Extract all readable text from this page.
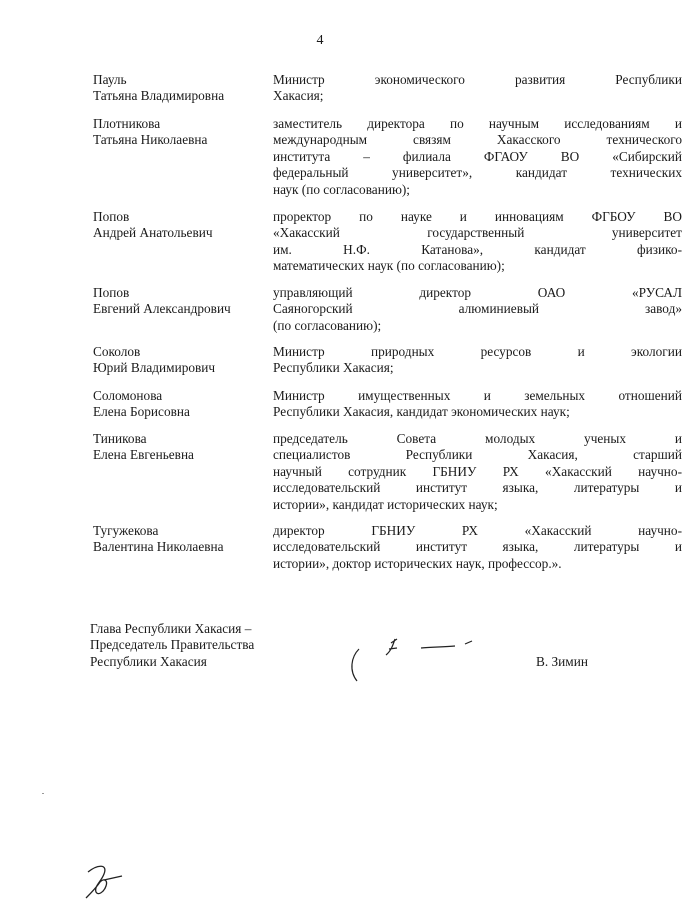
4
Пауль
Татьяна Владимировна
Министр экономического развития Республики
Хакасия;
Плотникова
Татьяна Николаевна
заместитель директора по научным исследованиям и
международным связям Хакасского технического
института – филиала ФГАОУ ВО «Сибирский
федеральный университет», кандидат технических
наук (по согласованию);
Попов
Андрей Анатольевич
проректор по науке и инновациям ФГБОУ ВО
«Хакасский государственный университет
им. Н.Ф. Катанова», кандидат физико-
математических наук (по согласованию);
Попов
Евгений Александрович
управляющий директор ОАО «РУСАЛ
Саяногорский алюминиевый завод»
(по согласованию);
Соколов
Юрий Владимирович
Министр природных ресурсов и экологии
Республики Хакасия;
Соломонова
Елена Борисовна
Министр имущественных и земельных отношений
Республики Хакасия, кандидат экономических наук;
Тиникова
Елена Евгеньевна
председатель Совета молодых ученых и
специалистов Республики Хакасия, старший
научный сотрудник ГБНИУ РХ «Хакасский научно-
исследовательский институт языка, литературы и
истории», кандидат исторических наук;
Тугужекова
Валентина Николаевна
директор ГБНИУ РХ «Хакасский научно-
исследовательский институт языка, литературы и
истории», доктор исторических наук, профессор.».
Глава Республики Хакасия –
Председатель Правительства
Республики Хакасия	В. Зимин
